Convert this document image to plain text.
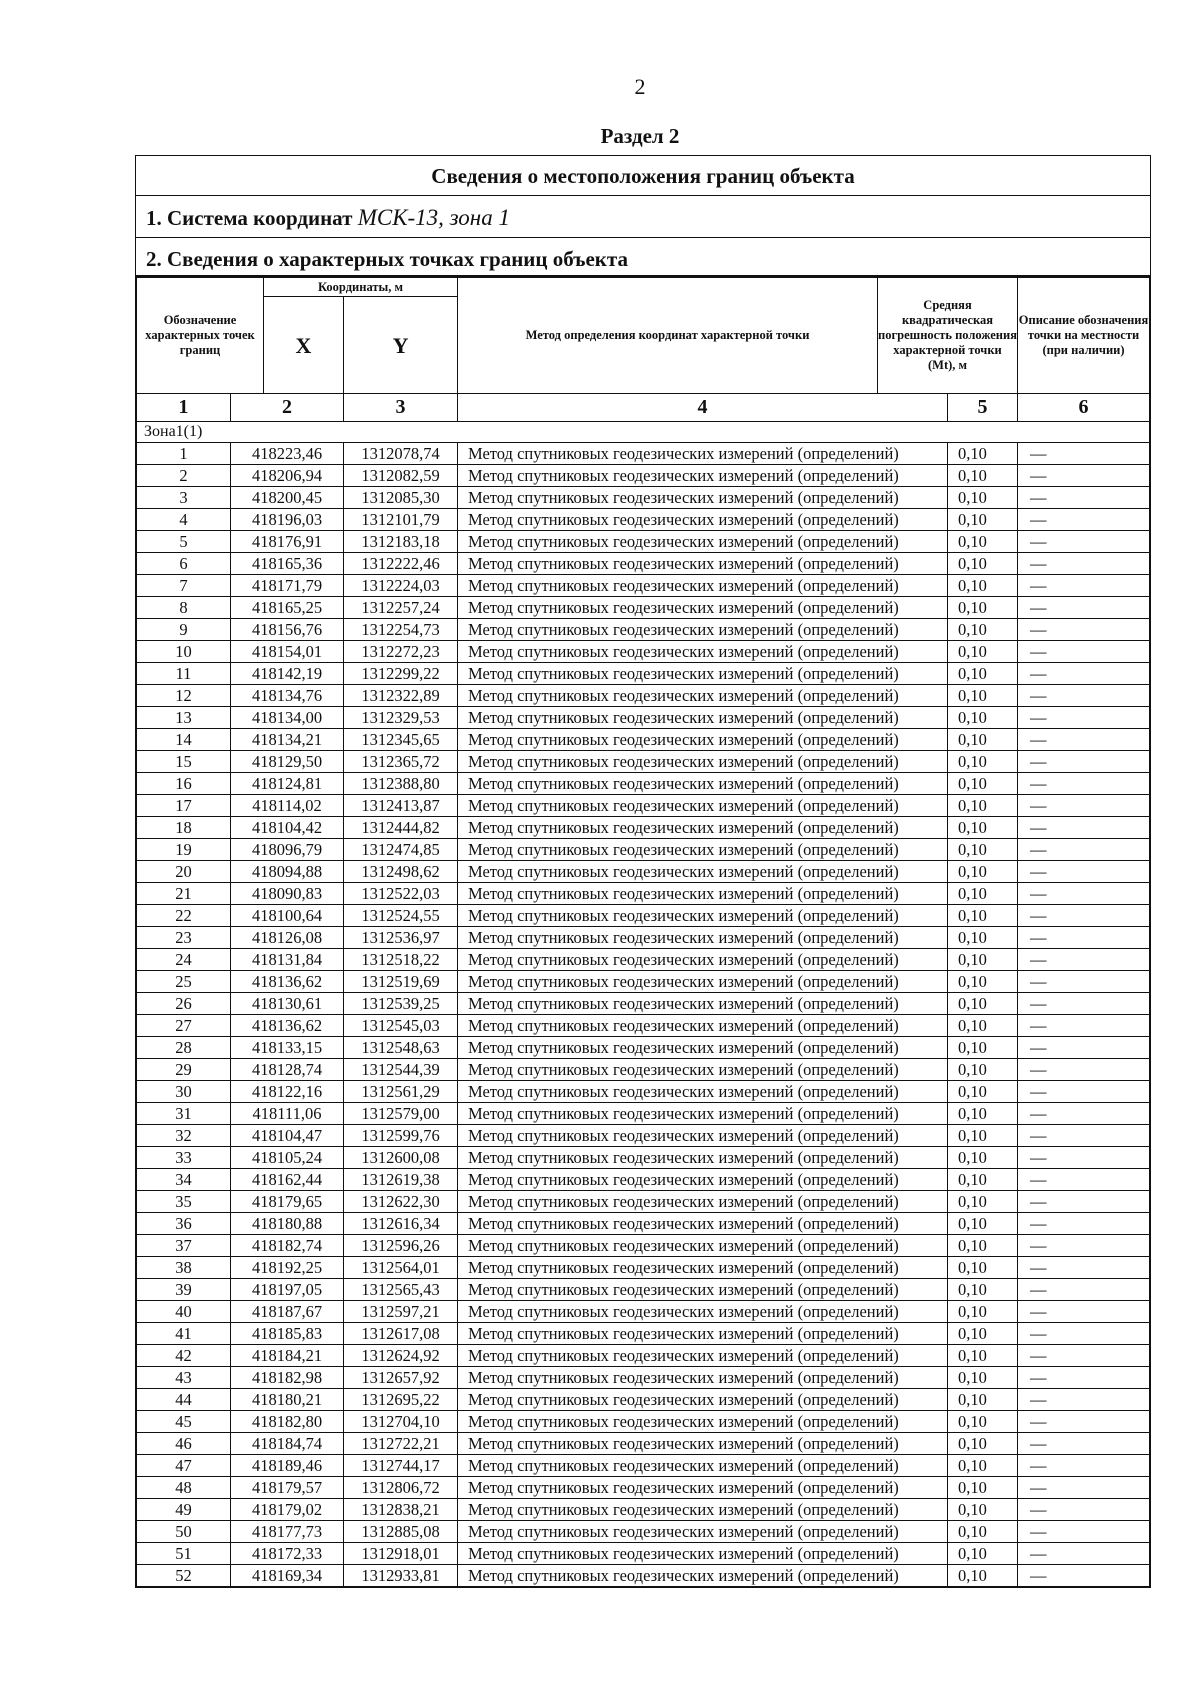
2
Раздел 2
Сведения о местоположения границ объекта
1. Система координат МСК-13, зона 1
2. Сведения о характерных точках границ объекта
Обозначение характерных точек границ		Координаты, м		Метод определения координат характерной точки	Средняя квадратическая погрешность положения характерной точки (Mt), м		Описание обозначения точки на местности (при наличии)
		X	Y				
1	2		3	4		5	6
Зона1(1)							
1	418223,46		1312078,74	Метод спутниковых геодезических измерений (определений)		0,10	—
2	418206,94		1312082,59	Метод спутниковых геодезических измерений (определений)		0,10	—
3	418200,45		1312085,30	Метод спутниковых геодезических измерений (определений)		0,10	—
4	418196,03		1312101,79	Метод спутниковых геодезических измерений (определений)		0,10	—
5	418176,91		1312183,18	Метод спутниковых геодезических измерений (определений)		0,10	—
6	418165,36		1312222,46	Метод спутниковых геодезических измерений (определений)		0,10	—
7	418171,79		1312224,03	Метод спутниковых геодезических измерений (определений)		0,10	—
8	418165,25		1312257,24	Метод спутниковых геодезических измерений (определений)		0,10	—
9	418156,76		1312254,73	Метод спутниковых геодезических измерений (определений)		0,10	—
10	418154,01		1312272,23	Метод спутниковых геодезических измерений (определений)		0,10	—
11	418142,19		1312299,22	Метод спутниковых геодезических измерений (определений)		0,10	—
12	418134,76		1312322,89	Метод спутниковых геодезических измерений (определений)		0,10	—
13	418134,00		1312329,53	Метод спутниковых геодезических измерений (определений)		0,10	—
14	418134,21		1312345,65	Метод спутниковых геодезических измерений (определений)		0,10	—
15	418129,50		1312365,72	Метод спутниковых геодезических измерений (определений)		0,10	—
16	418124,81		1312388,80	Метод спутниковых геодезических измерений (определений)		0,10	—
17	418114,02		1312413,87	Метод спутниковых геодезических измерений (определений)		0,10	—
18	418104,42		1312444,82	Метод спутниковых геодезических измерений (определений)		0,10	—
19	418096,79		1312474,85	Метод спутниковых геодезических измерений (определений)		0,10	—
20	418094,88		1312498,62	Метод спутниковых геодезических измерений (определений)		0,10	—
21	418090,83		1312522,03	Метод спутниковых геодезических измерений (определений)		0,10	—
22	418100,64		1312524,55	Метод спутниковых геодезических измерений (определений)		0,10	—
23	418126,08		1312536,97	Метод спутниковых геодезических измерений (определений)		0,10	—
24	418131,84		1312518,22	Метод спутниковых геодезических измерений (определений)		0,10	—
25	418136,62		1312519,69	Метод спутниковых геодезических измерений (определений)		0,10	—
26	418130,61		1312539,25	Метод спутниковых геодезических измерений (определений)		0,10	—
27	418136,62		1312545,03	Метод спутниковых геодезических измерений (определений)		0,10	—
28	418133,15		1312548,63	Метод спутниковых геодезических измерений (определений)		0,10	—
29	418128,74		1312544,39	Метод спутниковых геодезических измерений (определений)		0,10	—
30	418122,16		1312561,29	Метод спутниковых геодезических измерений (определений)		0,10	—
31	418111,06		1312579,00	Метод спутниковых геодезических измерений (определений)		0,10	—
32	418104,47		1312599,76	Метод спутниковых геодезических измерений (определений)		0,10	—
33	418105,24		1312600,08	Метод спутниковых геодезических измерений (определений)		0,10	—
34	418162,44		1312619,38	Метод спутниковых геодезических измерений (определений)		0,10	—
35	418179,65		1312622,30	Метод спутниковых геодезических измерений (определений)		0,10	—
36	418180,88		1312616,34	Метод спутниковых геодезических измерений (определений)		0,10	—
37	418182,74		1312596,26	Метод спутниковых геодезических измерений (определений)		0,10	—
38	418192,25		1312564,01	Метод спутниковых геодезических измерений (определений)		0,10	—
39	418197,05		1312565,43	Метод спутниковых геодезических измерений (определений)		0,10	—
40	418187,67		1312597,21	Метод спутниковых геодезических измерений (определений)		0,10	—
41	418185,83		1312617,08	Метод спутниковых геодезических измерений (определений)		0,10	—
42	418184,21		1312624,92	Метод спутниковых геодезических измерений (определений)		0,10	—
43	418182,98		1312657,92	Метод спутниковых геодезических измерений (определений)		0,10	—
44	418180,21		1312695,22	Метод спутниковых геодезических измерений (определений)		0,10	—
45	418182,80		1312704,10	Метод спутниковых геодезических измерений (определений)		0,10	—
46	418184,74		1312722,21	Метод спутниковых геодезических измерений (определений)		0,10	—
47	418189,46		1312744,17	Метод спутниковых геодезических измерений (определений)		0,10	—
48	418179,57		1312806,72	Метод спутниковых геодезических измерений (определений)		0,10	—
49	418179,02		1312838,21	Метод спутниковых геодезических измерений (определений)		0,10	—
50	418177,73		1312885,08	Метод спутниковых геодезических измерений (определений)		0,10	—
51	418172,33		1312918,01	Метод спутниковых геодезических измерений (определений)		0,10	—
52	418169,34		1312933,81	Метод спутниковых геодезических измерений (определений)		0,10	—
